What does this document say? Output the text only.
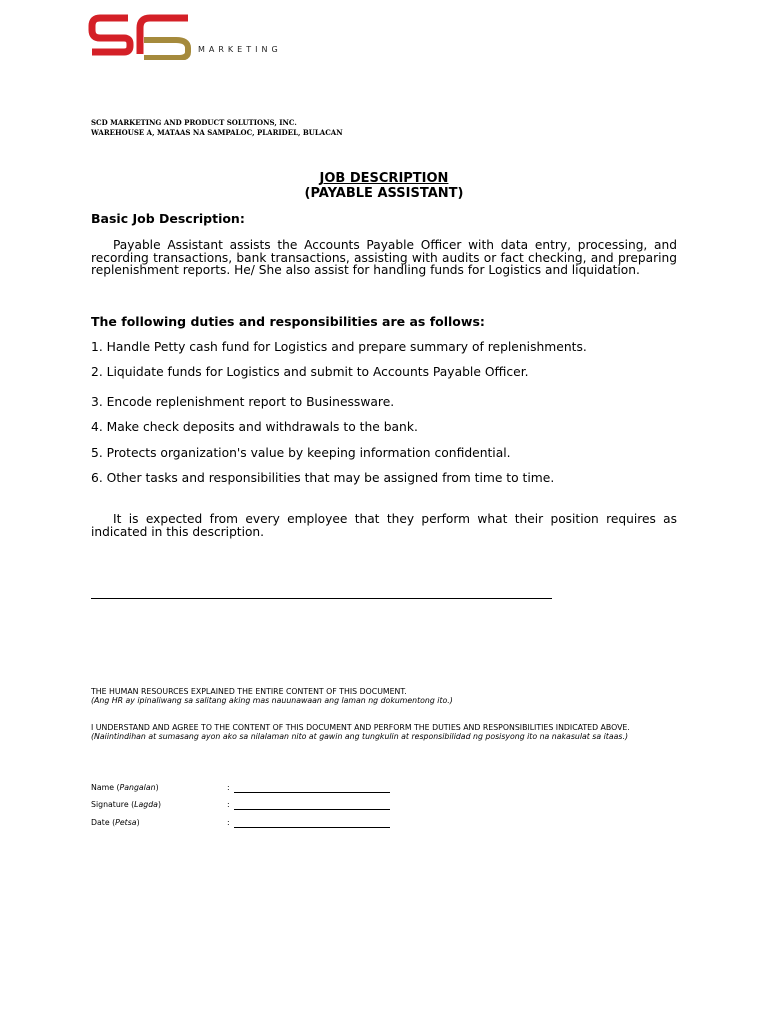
MARKETING
SCD MARKETING AND PRODUCT SOLUTIONS, INC.
WAREHOUSE A, MATAAS NA SAMPALOC, PLARIDEL, BULACAN
JOB DESCRIPTION
(PAYABLE ASSISTANT)
Basic Job Description:
Payable Assistant assists the Accounts Payable Officer with data entry, processing, and recording transactions, bank transactions, assisting with audits or fact checking, and preparing replenishment reports. He/ She also assist for handling funds for Logistics and liquidation.
The following duties and responsibilities are as follows:
1. Handle Petty cash fund for Logistics and prepare summary of replenishments.
2. Liquidate funds for Logistics and submit to Accounts Payable Officer.
3. Encode replenishment report to Businessware.
4. Make check deposits and withdrawals to the bank.
5. Protects organization's value by keeping information confidential.
6. Other tasks and responsibilities that may be assigned from time to time.
It is expected from every employee that they perform what their position requires as indicated in this description.
THE HUMAN RESOURCES EXPLAINED THE ENTIRE CONTENT OF THIS DOCUMENT.
(Ang HR ay ipinaliwang sa salitang aking mas nauunawaan ang laman ng dokumentong ito.)
I UNDERSTAND AND AGREE TO THE CONTENT OF THIS DOCUMENT AND PERFORM THE DUTIES AND RESPONSIBILITIES INDICATED ABOVE.
(Naiintindihan at sumasang ayon ako sa nilalaman nito at gawin ang tungkulin at responsibilidad ng posisyong ito na nakasulat sa itaas.)
Name (Pangalan)	:
Signature (Lagda)	:
Date (Petsa)	:
